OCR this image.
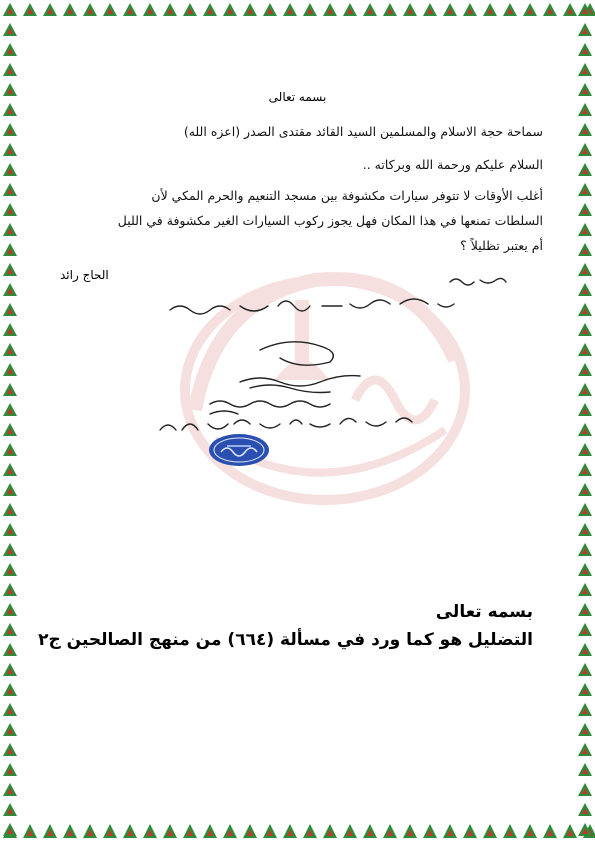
بسمه تعالى
سماحة حجة الاسلام والمسلمين السيد القائد مقتدى الصدر (اعزه الله)
السلام عليكم ورحمة الله وبركاته ..
أغلب الأوقات لا تتوفر سيارات مكشوفة بين مسجد التنعيم والحرم المكي لأن
السلطات تمنعها في هذا المكان فهل يجوز ركوب السيارات الغير مكشوفة في الليل
أم يعتبر تظليلاً ؟
الحاج رائد
بسمه تعالى
التضليل هو كما ورد في مسألة (٦٦٤) من منهج الصالحين ج٢
